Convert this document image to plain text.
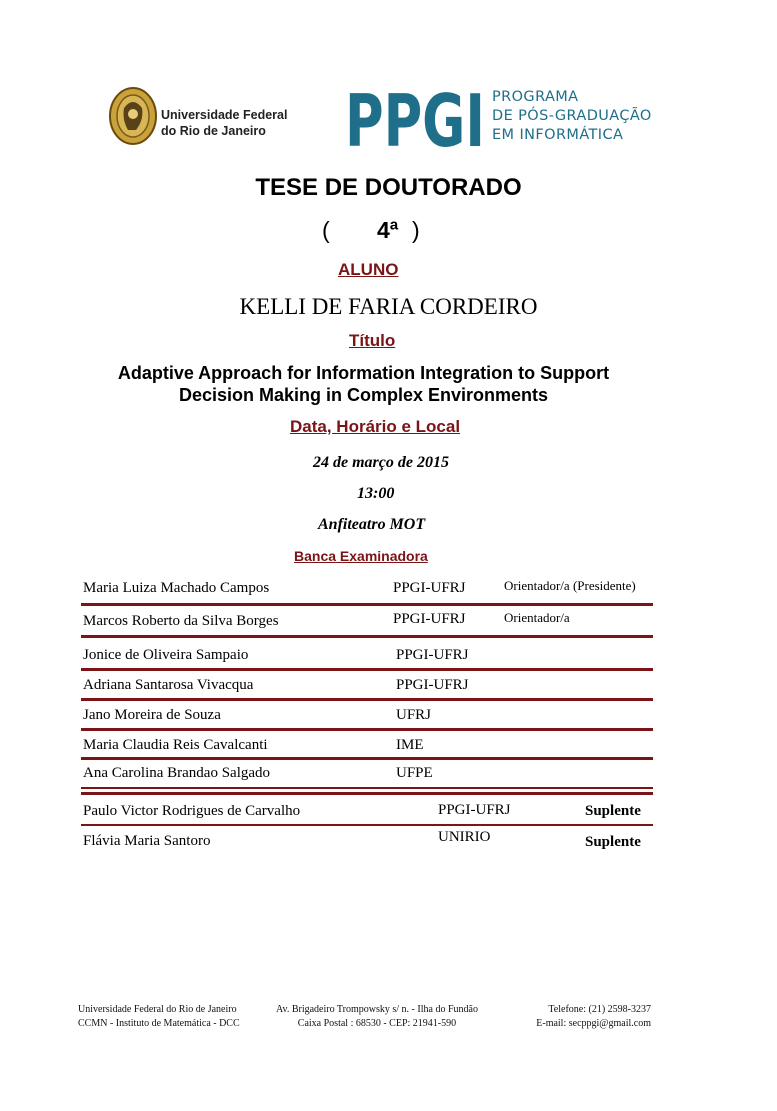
Universidade Federal
do Rio de Janeiro PPGI PROGRAMA
DE PÓS-GRADUAÇÃO
EM INFORMÁTICA
TESE DE DOUTORADO
( 4ª )
ALUNO
KELLI DE FARIA CORDEIRO
Título
Adaptive Approach for Information Integration to Support
Decision Making in Complex Environments
Data, Horário e Local
24 de março de 2015
13:00
Anfiteatro MOT
Banca Examinadora
Maria Luiza Machado Campos	PPGI-UFRJ	Orientador/a (Presidente)
Marcos Roberto da Silva Borges	PPGI-UFRJ	Orientador/a
Jonice de Oliveira Sampaio	PPGI-UFRJ
Adriana Santarosa Vivacqua	PPGI-UFRJ
Jano Moreira de Souza	UFRJ
Maria Claudia Reis Cavalcanti	IME
Ana Carolina Brandao Salgado	UFPE
Paulo Victor Rodrigues de Carvalho	PPGI-UFRJ	Suplente
Flávia Maria Santoro	UNIRIO	Suplente
Universidade Federal do Rio de Janeiro
CCMN - Instituto de Matemática - DCC
Av. Brigadeiro Trompowsky s/ n. - Ilha do Fundão
Caixa Postal : 68530 - CEP: 21941-590
Telefone: (21) 2598-3237
E-mail: secppgi@gmail.com
